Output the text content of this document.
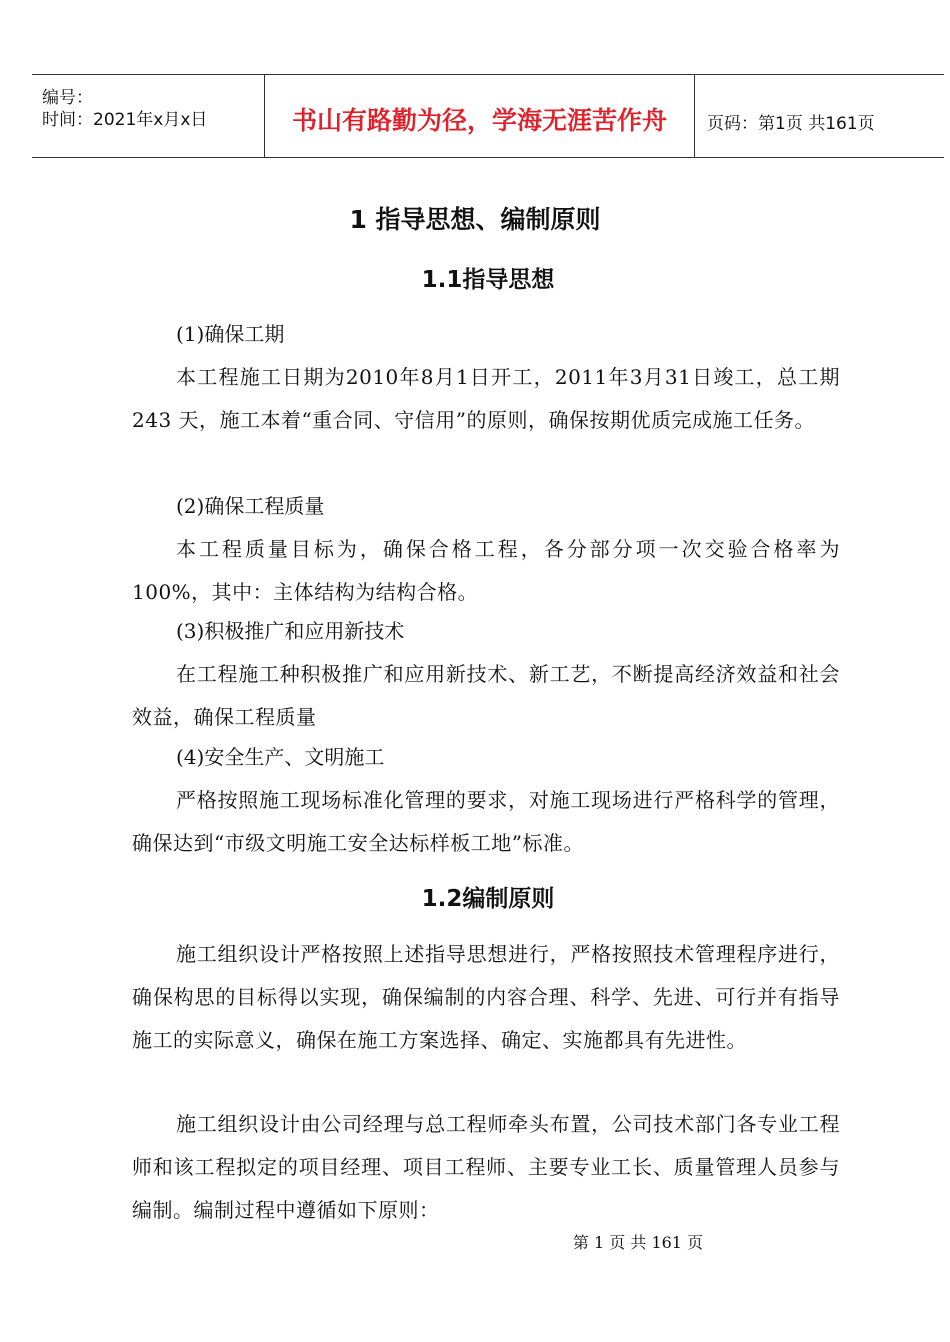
编号：
时间：2021年x月x日	书山有路勤为径，学海无涯苦作舟	页码：第1页 共161页
1 指导思想、编制原则
1.1指导思想

(1)确保工期

本工程施工日期为2010年8月1日开工，2011年3月31日竣工，总工期 243 天，施工本着“重合同、守信用”的原则，确保按期优质完成施工任务。

(2)确保工程质量

本工程质量目标为，确保合格工程，各分部分项一次交验合格率为100%，其中：主体结构为结构合格。

(3)积极推广和应用新技术

在工程施工种积极推广和应用新技术、新工艺，不断提高经济效益和社会效益，确保工程质量

(4)安全生产、文明施工

严格按照施工现场标准化管理的要求，对施工现场进行严格科学的管理，确保达到“市级文明施工安全达标样板工地”标准。

1.2编制原则

施工组织设计严格按照上述指导思想进行，严格按照技术管理程序进行，确保构思的目标得以实现，确保编制的内容合理、科学、先进、可行并有指导施工的实际意义，确保在施工方案选择、确定、实施都具有先进性。

施工组织设计由公司经理与总工程师牵头布置，公司技术部门各专业工程师和该工程拟定的项目经理、项目工程师、主要专业工长、质量管理人员参与编制。编制过程中遵循如下原则：

第 1 页 共 161 页
